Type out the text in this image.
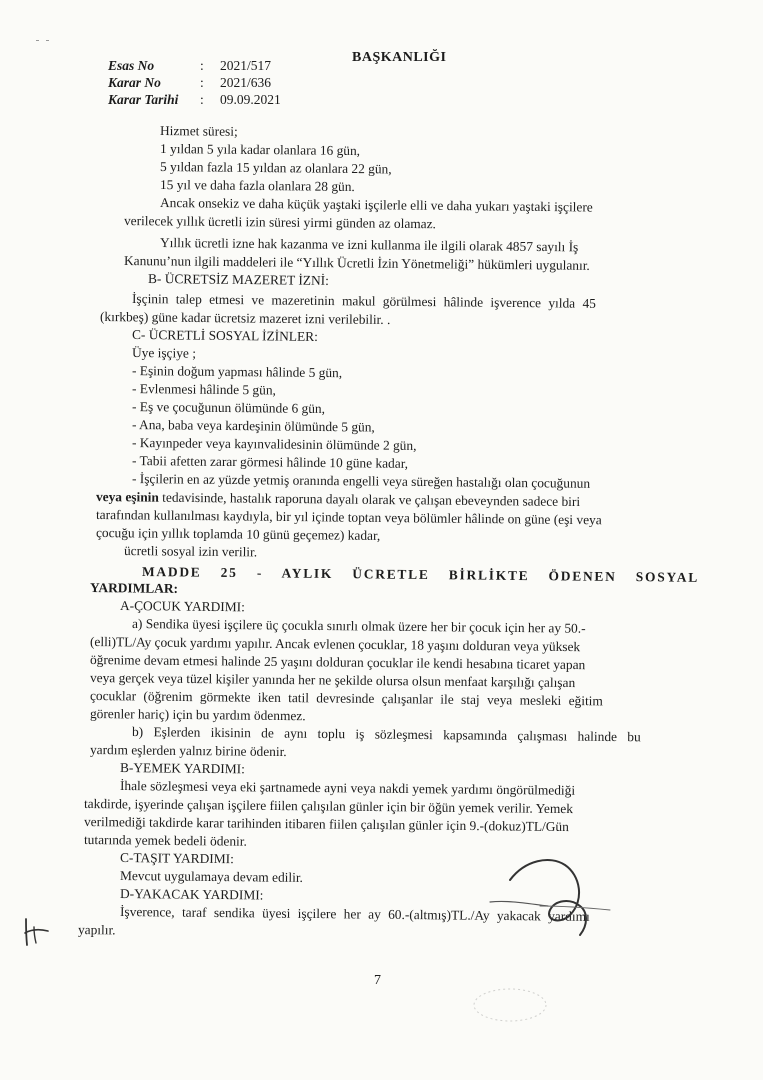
BAŞKANLIĞI
Esas No	: 2021/517
Karar No	: 2021/636
Karar Tarihi : 09.09.2021
Hizmet süresi;
1 yıldan 5 yıla kadar olanlara 16 gün,
5 yıldan fazla 15 yıldan az olanlara 22 gün,
15 yıl ve daha fazla olanlara 28 gün.
Ancak onsekiz ve daha küçük yaştaki işçilerle elli ve daha yukarı yaştaki işçilere
verilecek yıllık ücretli izin süresi yirmi günden az olamaz.
Yıllık ücretli izne hak kazanma ve izni kullanma ile ilgili olarak 4857 sayılı İş
Kanunu’nun ilgili maddeleri ile “Yıllık Ücretli İzin Yönetmeliği” hükümleri uygulanır.
B- ÜCRETSİZ MAZERET İZNİ:
İşçinin talep etmesi ve mazeretinin makul görülmesi hâlinde işverence yılda 45
(kırkbeş) güne kadar ücretsiz mazeret izni verilebilir. .
C- ÜCRETLİ SOSYAL İZİNLER:
Üye işçiye ;
- Eşinin doğum yapması hâlinde 5 gün,
- Evlenmesi hâlinde 5 gün,
- Eş ve çocuğunun ölümünde 6 gün,
- Ana, baba veya kardeşinin ölümünde 5 gün,
- Kayınpeder veya kayınvalidesinin ölümünde 2 gün,
- Tabii afetten zarar görmesi hâlinde 10 güne kadar,
- İşçilerin en az yüzde yetmiş oranında engelli veya süreğen hastalığı olan çocuğunun
veya eşinin tedavisinde, hastalık raporuna dayalı olarak ve çalışan ebeveynden sadece biri
tarafından kullanılması kaydıyla, bir yıl içinde toptan veya bölümler hâlinde on güne (eşi veya
çocuğu için yıllık toplamda 10 günü geçemez) kadar,
ücretli sosyal izin verilir.
MADDE 25 - AYLIK ÜCRETLE BİRLİKTE ÖDENEN SOSYAL
YARDIMLAR:
A-ÇOCUK YARDIMI:
a) Sendika üyesi işçilere üç çocukla sınırlı olmak üzere her bir çocuk için her ay 50.-
(elli)TL/Ay çocuk yardımı yapılır. Ancak evlenen çocuklar, 18 yaşını dolduran veya yüksek
öğrenime devam etmesi halinde 25 yaşını dolduran çocuklar ile kendi hesabına ticaret yapan
veya gerçek veya tüzel kişiler yanında her ne şekilde olursa olsun menfaat karşılığı çalışan
çocuklar (öğrenim görmekte iken tatil devresinde çalışanlar ile staj veya mesleki eğitim
görenler hariç) için bu yardım ödenmez.
b) Eşlerden ikisinin de aynı toplu iş sözleşmesi kapsamında çalışması halinde bu
yardım eşlerden yalnız birine ödenir.
B-YEMEK YARDIMI:
İhale sözleşmesi veya eki şartnamede ayni veya nakdi yemek yardımı öngörülmediği
takdirde, işyerinde çalışan işçilere fiilen çalışılan günler için bir öğün yemek verilir. Yemek
verilmediği takdirde karar tarihinden itibaren fiilen çalışılan günler için 9.-(dokuz)TL/Gün
tutarında yemek bedeli ödenir.
C-TAŞIT YARDIMI:
Mevcut uygulamaya devam edilir.
D-YAKACAK YARDIMI:
İşverence, taraf sendika üyesi işçilere her ay 60.-(altmış)TL./Ay yakacak yardımı
yapılır.
7
